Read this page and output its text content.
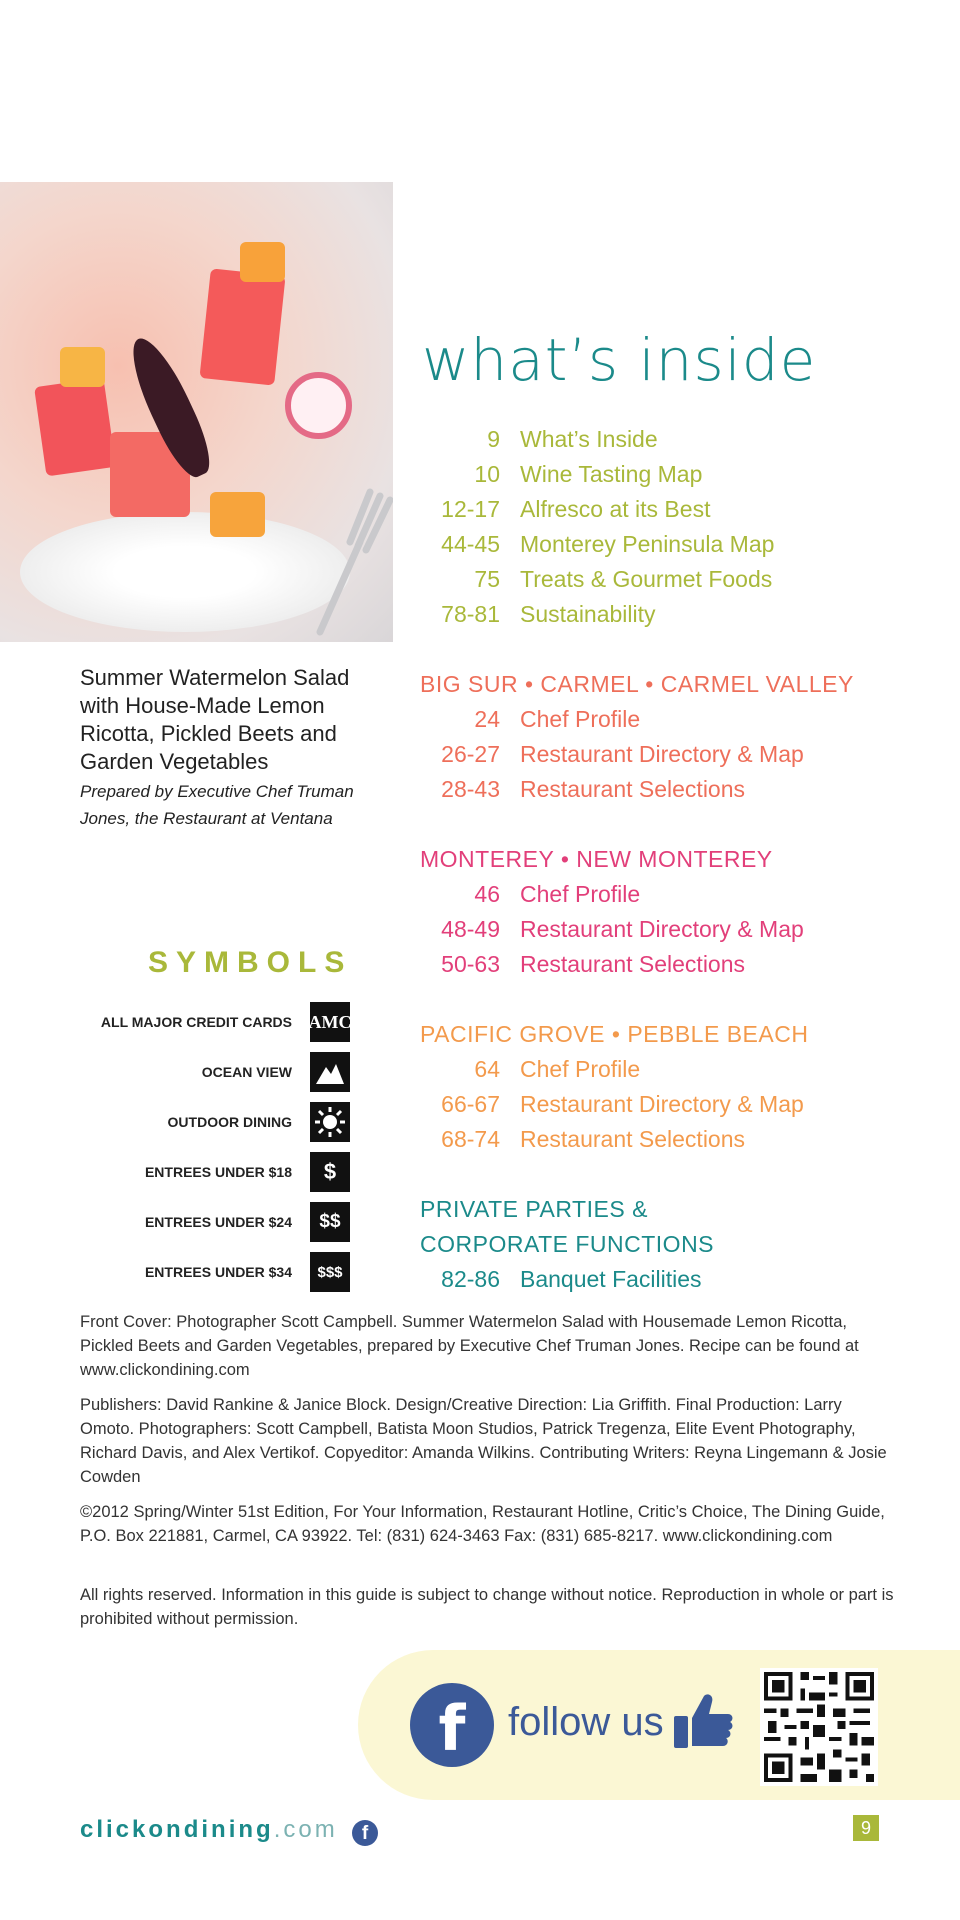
what’s inside
9 What’s Inside
10 Wine Tasting Map
12-17 Alfresco at its Best
44-45 Monterey Peninsula Map
75 Treats & Gourmet Foods
78-81 Sustainability
BIG SUR • CARMEL • CARMEL VALLEY
24 Chef Profile
26-27 Restaurant Directory & Map
28-43 Restaurant Selections
MONTEREY • NEW MONTEREY
46 Chef Profile
48-49 Restaurant Directory & Map
50-63 Restaurant Selections
PACIFIC GROVE • PEBBLE BEACH
64 Chef Profile
66-67 Restaurant Directory & Map
68-74 Restaurant Selections
PRIVATE PARTIES &
CORPORATE FUNCTIONS
82-86 Banquet Facilities
Summer Watermelon Salad with House-Made Lemon Ricotta, Pickled Beets and Garden Vegetables
Prepared by Executive Chef Truman Jones, the Restaurant at Ventana
SYMBOLS
ALL MAJOR CREDIT CARDS AMC
OCEAN VIEW
OUTDOOR DINING
ENTREES UNDER $18 $
ENTREES UNDER $24 $$
ENTREES UNDER $34 $$$
Front Cover: Photographer Scott Campbell. Summer Watermelon Salad with Housemade Lemon Ricotta, Pickled Beets and Garden Vegetables, prepared by Executive Chef Truman Jones. Recipe can be found at www.clickondining.com
Publishers: David Rankine & Janice Block. Design/Creative Direction: Lia Griffith. Final Production: Larry Omoto. Photographers: Scott Campbell, Batista Moon Studios, Patrick Tregenza, Elite Event Photography, Richard Davis, and Alex Vertikof. Copyeditor: Amanda Wilkins. Contributing Writers: Reyna Lingemann & Josie Cowden
©2012 Spring/Winter 51st Edition, For Your Information, Restaurant Hotline, Critic’s Choice, The Dining Guide, P.O. Box 221881, Carmel, CA 93922. Tel: (831) 624-3463 Fax: (831) 685-8217. www.clickondining.com
All rights reserved. Information in this guide is subject to change without notice. Reproduction in whole or part is prohibited without permission.
f	follow us
clickondining.com	f	9
